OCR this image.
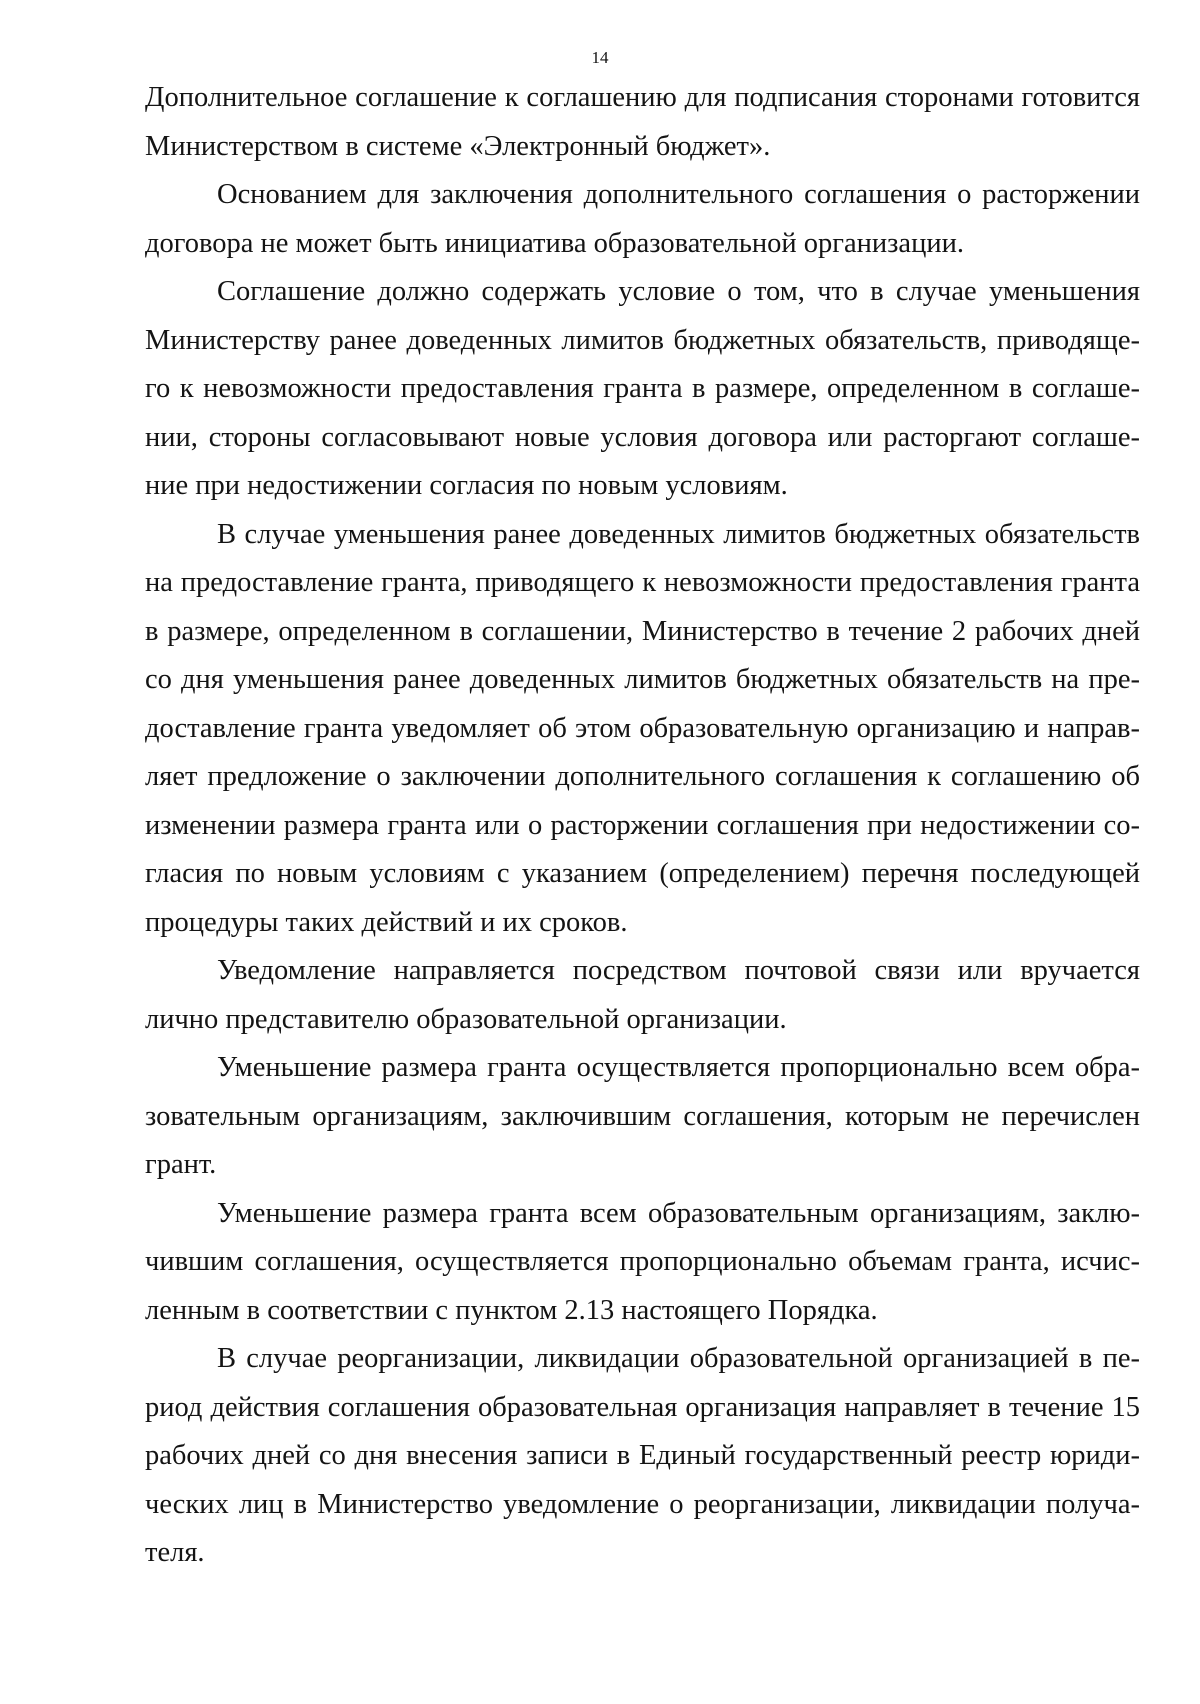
14

Дополнительное соглашение к соглашению для подписания сторонами готовится Министерством в системе «Электронный бюджет».

Основанием для заключения дополнительного соглашения о расторжении договора не может быть инициатива образовательной организации.

Соглашение должно содержать условие о том, что в случае уменьшения Министерству ранее доведенных лимитов бюджетных обязательств, приводящего к невозможности предоставления гранта в размере, определенном в соглашении, стороны согласовывают новые условия договора или расторгают соглашение при недостижении согласия по новым условиям.

В случае уменьшения ранее доведенных лимитов бюджетных обязательств на предоставление гранта, приводящего к невозможности предоставления гранта в размере, определенном в соглашении, Министерство в течение 2 рабочих дней со дня уменьшения ранее доведенных лимитов бюджетных обязательств на предоставление гранта уведомляет об этом образовательную организацию и направляет предложение о заключении дополнительного соглашения к соглашению об изменении размера гранта или о расторжении соглашения при недостижении согласия по новым условиям с указанием (определением) перечня последующей процедуры таких действий и их сроков.

Уведомление направляется посредством почтовой связи или вручается лично представителю образовательной организации.

Уменьшение размера гранта осуществляется пропорционально всем образовательным организациям, заключившим соглашения, которым не перечислен грант.

Уменьшение размера гранта всем образовательным организациям, заключившим соглашения, осуществляется пропорционально объемам гранта, исчисленным в соответствии с пунктом 2.13 настоящего Порядка.

В случае реорганизации, ликвидации образовательной организацией в период действия соглашения образовательная организация направляет в течение 15 рабочих дней со дня внесения записи в Единый государственный реестр юридических лиц в Министерство уведомление о реорганизации, ликвидации получателя.
